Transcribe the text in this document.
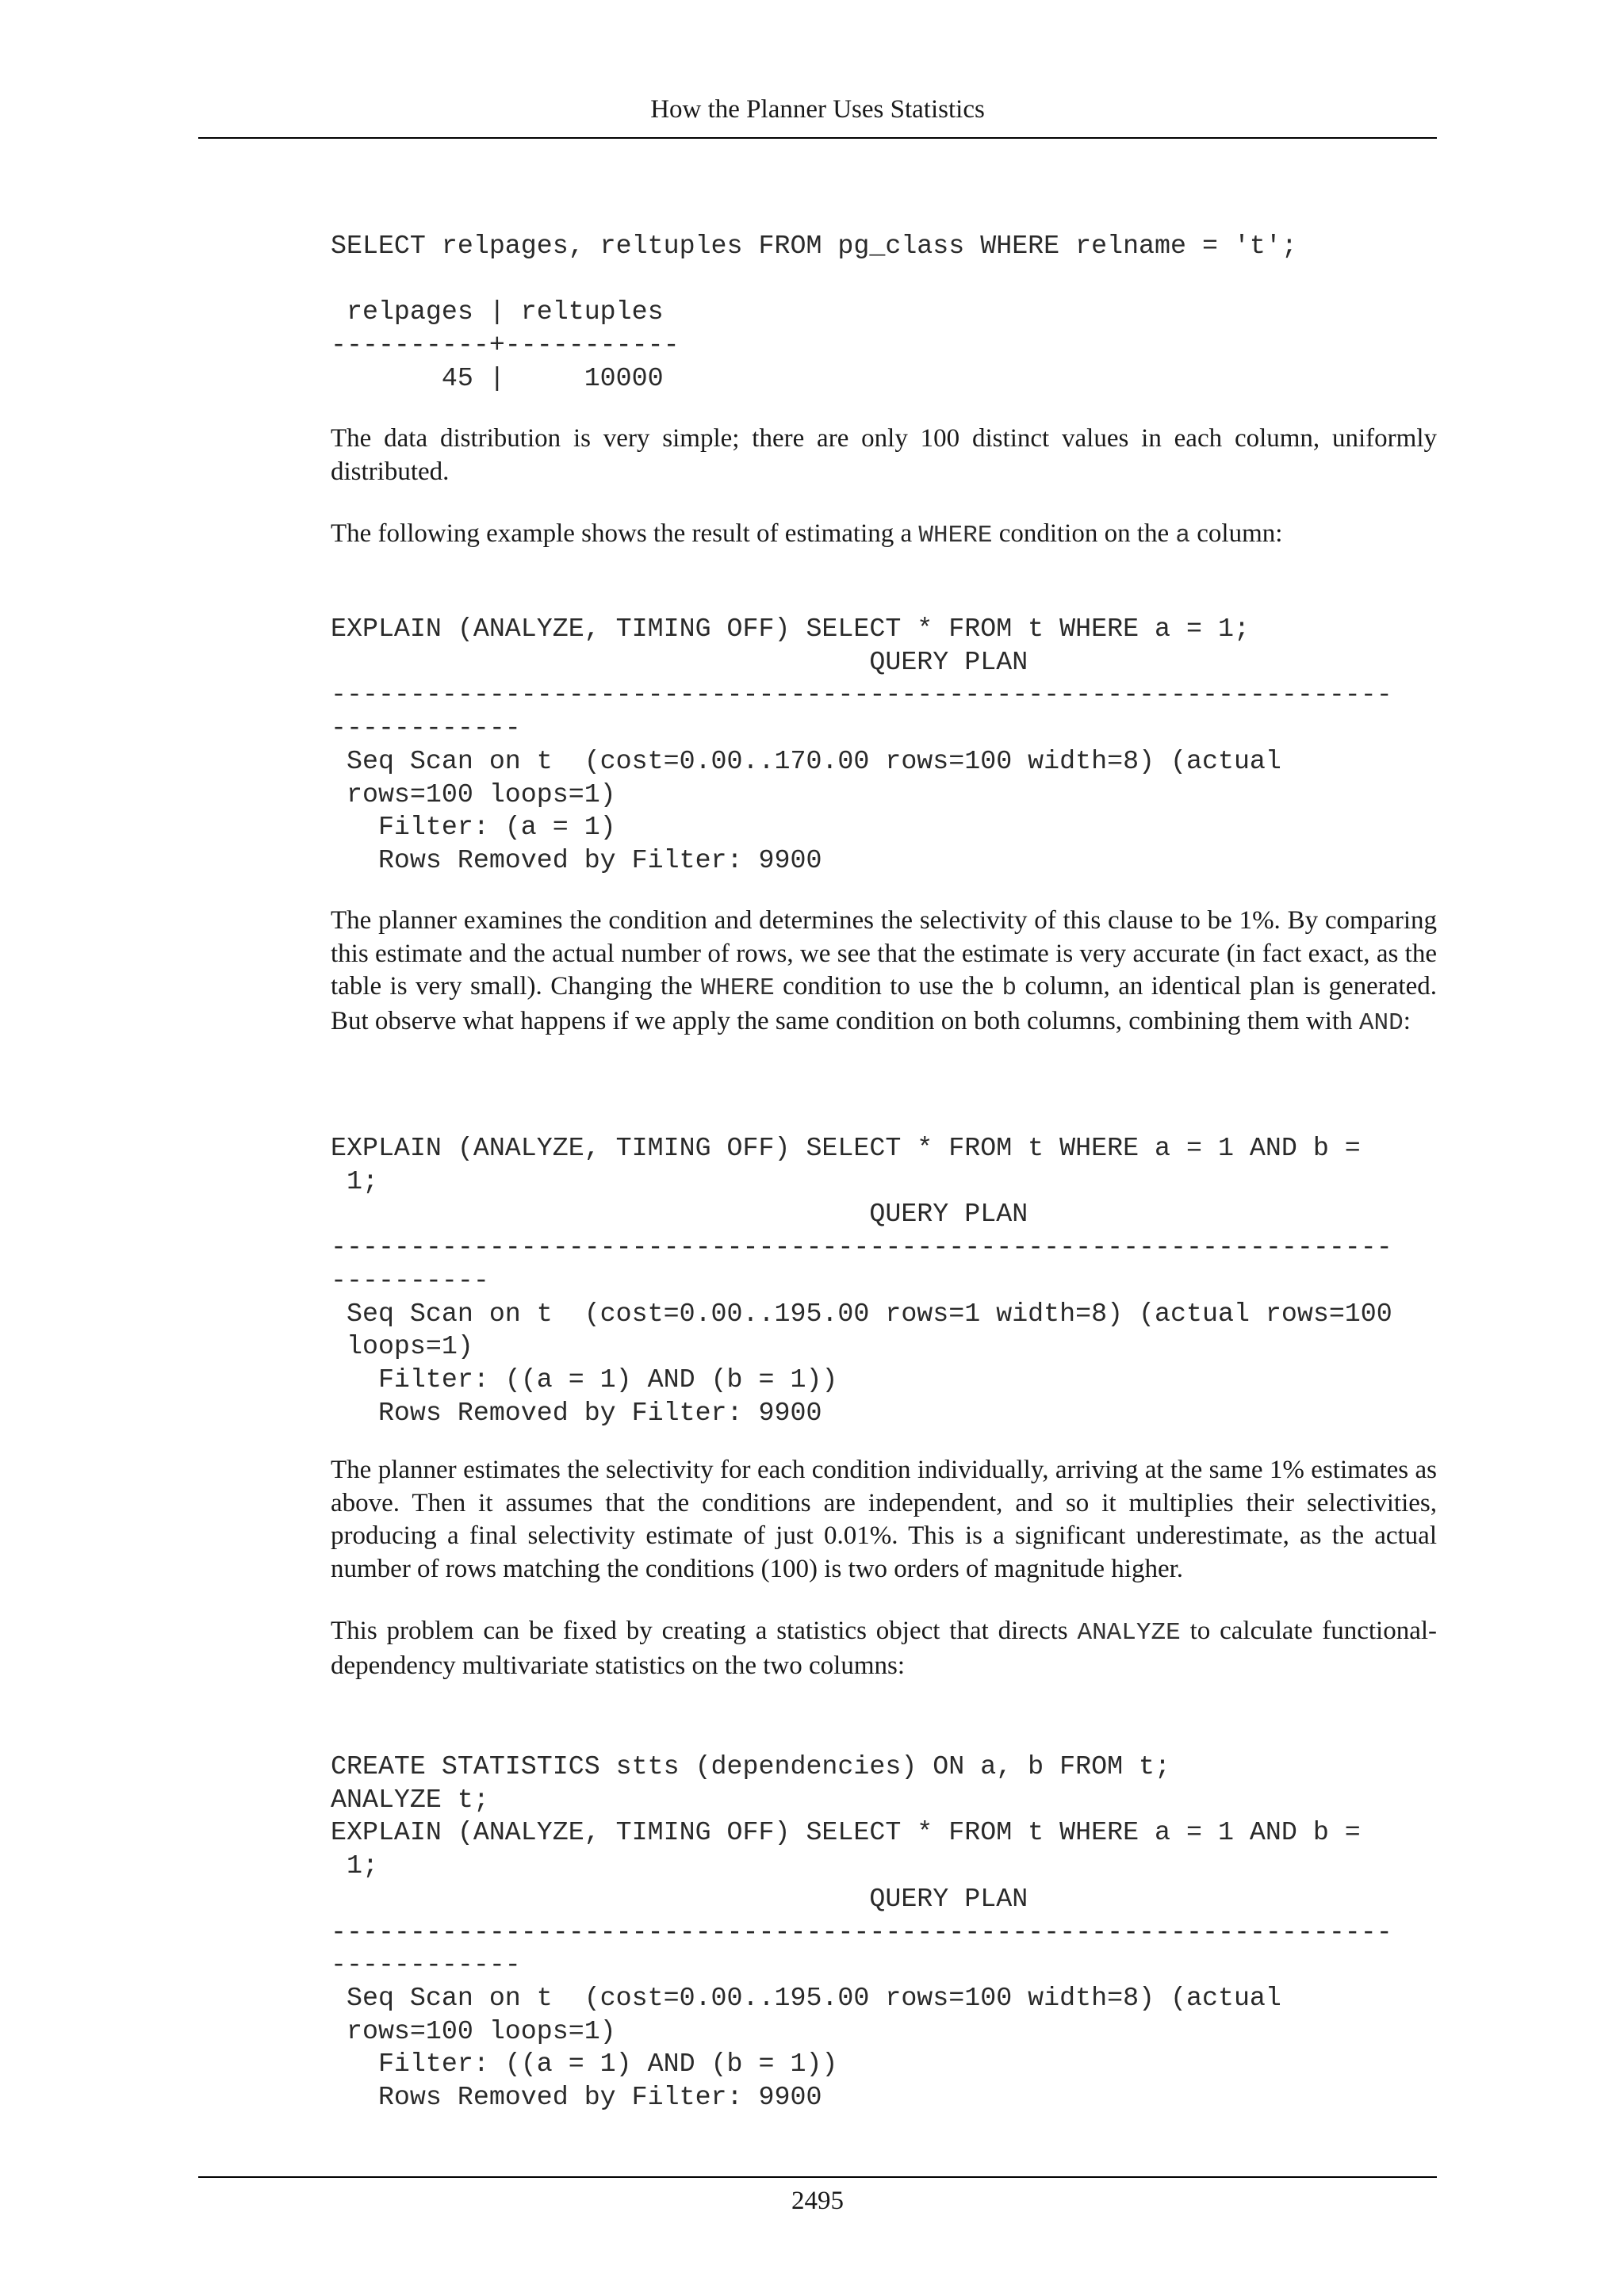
How the Planner Uses Statistics
SELECT relpages, reltuples FROM pg_class WHERE relname = 't';

relpages | reltuples
----------+-----------
45 |     10000

The data distribution is very simple; there are only 100 distinct values in each column, uniformly distributed.

The following example shows the result of estimating a WHERE condition on the a column:

EXPLAIN (ANALYZE, TIMING OFF) SELECT * FROM t WHERE a = 1;
QUERY PLAN
-------------------------------------------------------------------
------------
Seq Scan on t  (cost=0.00..170.00 rows=100 width=8) (actual
rows=100 loops=1)
Filter: (a = 1)
Rows Removed by Filter: 9900

The planner examines the condition and determines the selectivity of this clause to be 1%. By comparing this estimate and the actual number of rows, we see that the estimate is very accurate (in fact exact, as the table is very small). Changing the WHERE condition to use the b column, an identical plan is generated. But observe what happens if we apply the same condition on both columns, combining them with AND:

EXPLAIN (ANALYZE, TIMING OFF) SELECT * FROM t WHERE a = 1 AND b =
1;
QUERY PLAN
-------------------------------------------------------------------
----------
Seq Scan on t  (cost=0.00..195.00 rows=1 width=8) (actual rows=100
loops=1)
Filter: ((a = 1) AND (b = 1))
Rows Removed by Filter: 9900

The planner estimates the selectivity for each condition individually, arriving at the same 1% estimates as above. Then it assumes that the conditions are independent, and so it multiplies their selectivities, producing a final selectivity estimate of just 0.01%. This is a significant underestimate, as the actual number of rows matching the conditions (100) is two orders of magnitude higher.

This problem can be fixed by creating a statistics object that directs ANALYZE to calculate functional-dependency multivariate statistics on the two columns:

CREATE STATISTICS stts (dependencies) ON a, b FROM t;
ANALYZE t;
EXPLAIN (ANALYZE, TIMING OFF) SELECT * FROM t WHERE a = 1 AND b =
1;
QUERY PLAN
-------------------------------------------------------------------
------------
Seq Scan on t  (cost=0.00..195.00 rows=100 width=8) (actual
rows=100 loops=1)
Filter: ((a = 1) AND (b = 1))
Rows Removed by Filter: 9900
2495
